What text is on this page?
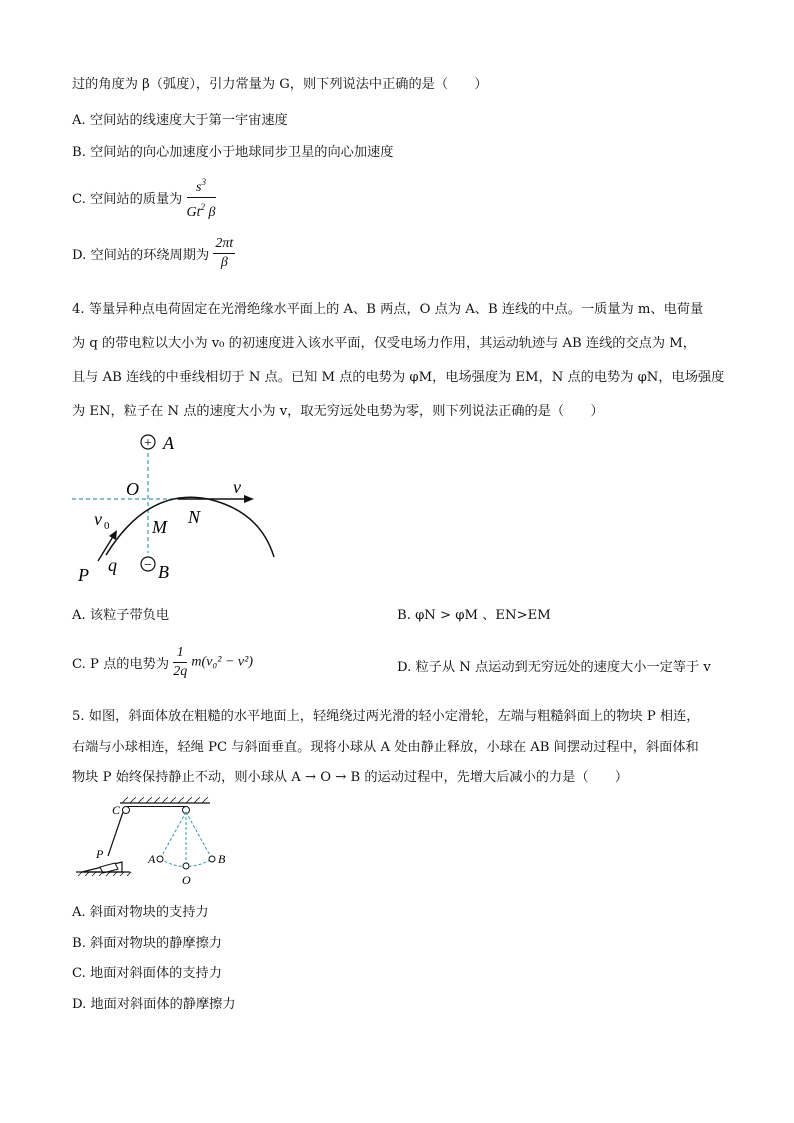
过的角度为 β（弧度），引力常量为 G，则下列说法中正确的是（　　）
A. 空间站的线速度大于第一宇宙速度
B. 空间站的向心加速度小于地球同步卫星的向心加速度
C. 空间站的质量为 $\frac{s^3}{Gt^2 \beta}$
D. 空间站的环绕周期为 $\frac{2\pi t}{\beta}$
4. 等量异种点电荷固定在光滑绝缘水平面上的 A、B 两点，O 点为 A、B 连线的中点。一质量为 m、电荷量
为 q 的带电粒以大小为 v₀ 的初速度进入该水平面，仅受电场力作用，其运动轨迹与 AB 连线的交点为 M，
且与 AB 连线的中垂线相切于 N 点。已知 M 点的电势为 φM，电场强度为 EM，N 点的电势为 φN，电场强度
为 EN，粒子在 N 点的速度大小为 v，取无穷远处电势为零，则下列说法正确的是（　　）
+ A
− B
O	v
N
M
v 0
P q
A. 该粒子带负电	B. φN > φM 、EN>EM
C. P 点的电势为 $\frac{1}{2q} m(v_0^2 - v^2)$	D. 粒子从 N 点运动到无穷远处的速度大小一定等于 v
5. 如图，斜面体放在粗糙的水平地面上，轻绳绕过两光滑的轻小定滑轮，左端与粗糙斜面上的物块 P 相连，
右端与小球相连，轻绳 PC 与斜面垂直。现将小球从 A 处由静止释放，小球在 AB 间摆动过程中，斜面体和
物块 P 始终保持静止不动，则小球从 A → O → B 的运动过程中，先增大后减小的力是（　　）
C
P	A
O
B
A. 斜面对物块的支持力
B. 斜面对物块的静摩擦力
C. 地面对斜面体的支持力
D. 地面对斜面体的静摩擦力
